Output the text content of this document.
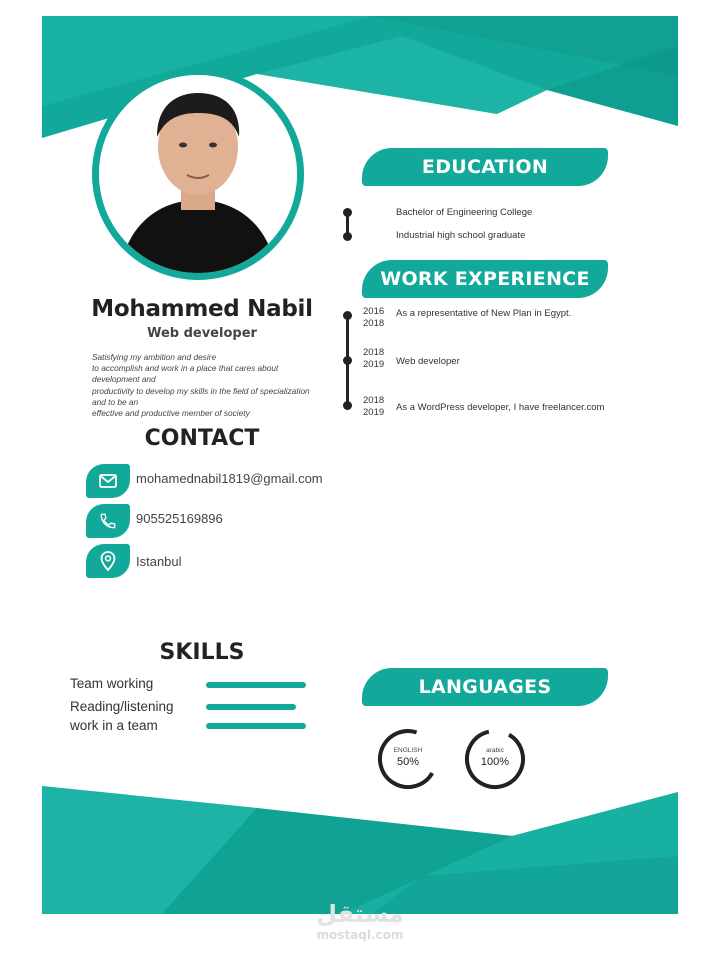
Mohammed Nabil
Web developer
Satisfying my ambition and desire
to accomplish and work in a place that cares about
development and
productivity to develop my skills in the field of specialization
and to be an
effective and productive member of society
EDUCATION
Bachelor of Engineering College
Industrial high school graduate
WORK EXPERIENCE
2016
2018
As a representative of New Plan in Egypt.
2018
2019 Web developer
2018
2019 As a WordPress developer, I have freelancer.com
CONTACT
mohamednabil1819@gmail.com
905525169896
Istanbul
SKILLS
Team working
Reading/listening
work in a team
LANGUAGES
ENGLISH
50%
arabic
100%
مستقل
mostaql.com
